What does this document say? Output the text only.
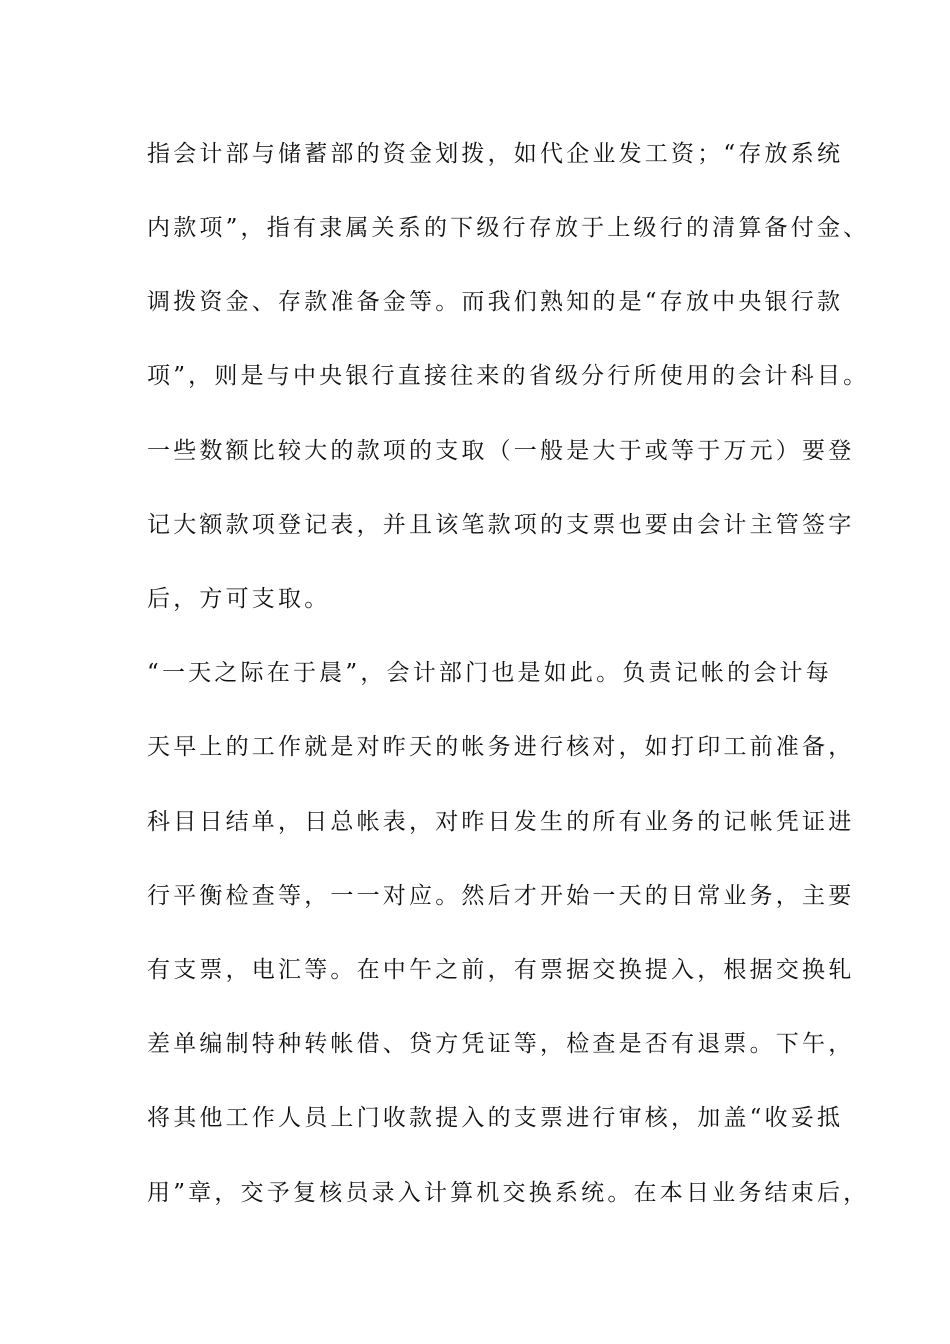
指会计部与储蓄部的资金划拨，如代企业发工资；“存放系统
内款项”，指有隶属关系的下级行存放于上级行的清算备付金、
调拨资金、存款准备金等。而我们熟知的是“存放中央银行款
项”，则是与中央银行直接往来的省级分行所使用的会计科目。
一些数额比较大的款项的支取（一般是大于或等于万元）要登
记大额款项登记表，并且该笔款项的支票也要由会计主管签字
后，方可支取。
“一天之际在于晨”，会计部门也是如此。负责记帐的会计每
天早上的工作就是对昨天的帐务进行核对，如打印工前准备，
科目日结单，日总帐表，对昨日发生的所有业务的记帐凭证进
行平衡检查等，一一对应。然后才开始一天的日常业务，主要
有支票，电汇等。在中午之前，有票据交换提入，根据交换轧
差单编制特种转帐借、贷方凭证等，检查是否有退票。下午，
将其他工作人员上门收款提入的支票进行审核，加盖“收妥抵
用”章，交予复核员录入计算机交换系统。在本日业务结束后，
